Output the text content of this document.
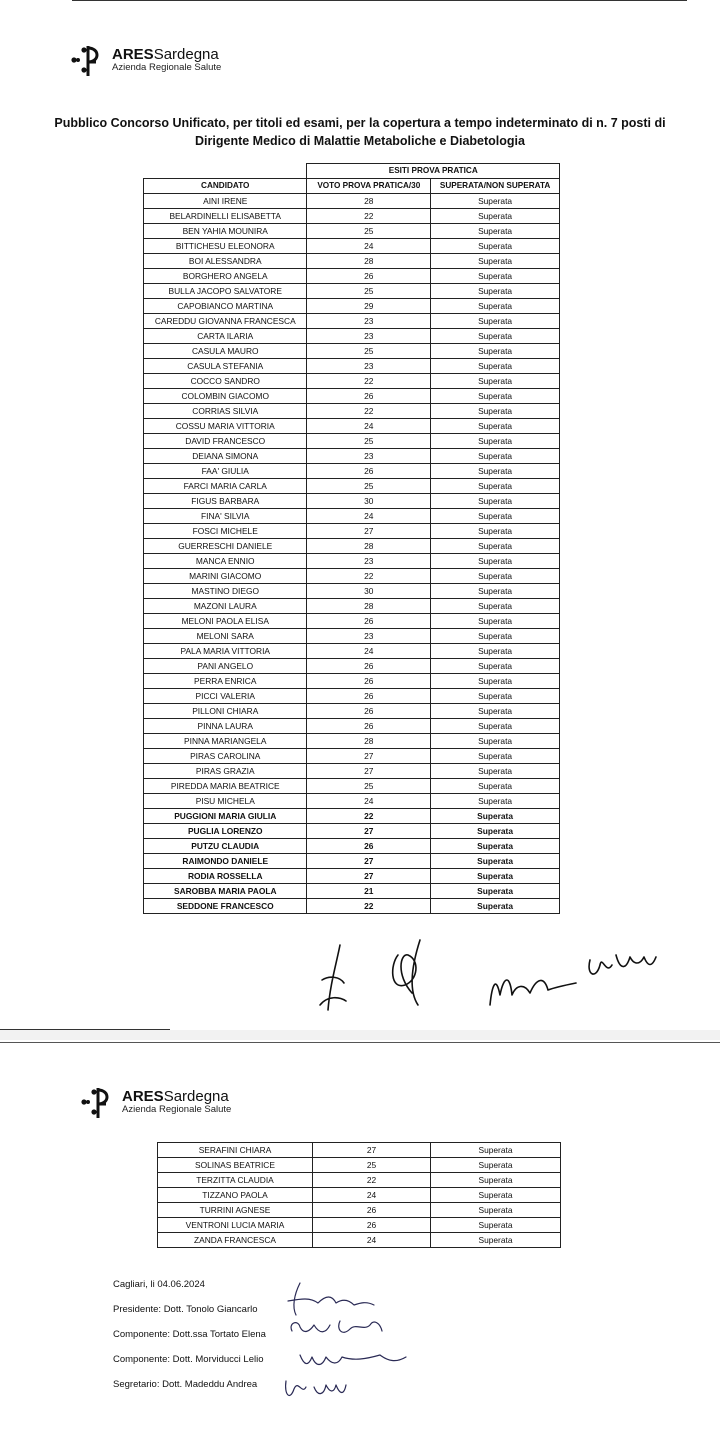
ARESSardegna
Azienda Regionale Salute
Pubblico Concorso Unificato, per titoli ed esami, per la copertura a tempo indeterminato di n. 7 posti di
Dirigente Medico di Malattie Metaboliche e Diabetologia
	ESITI PROVA PRATICA	
CANDIDATO	VOTO PROVA PRATICA/30	SUPERATA/NON SUPERATA
AINI IRENE	28	Superata
BELARDINELLI ELISABETTA	22	Superata
BEN YAHIA MOUNIRA	25	Superata
BITTICHESU ELEONORA	24	Superata
BOI ALESSANDRA	28	Superata
BORGHERO ANGELA	26	Superata
BULLA JACOPO SALVATORE	25	Superata
CAPOBIANCO MARTINA	29	Superata
CAREDDU GIOVANNA FRANCESCA	23	Superata
CARTA ILARIA	23	Superata
CASULA MAURO	25	Superata
CASULA STEFANIA	23	Superata
COCCO SANDRO	22	Superata
COLOMBIN GIACOMO	26	Superata
CORRIAS SILVIA	22	Superata
COSSU MARIA VITTORIA	24	Superata
DAVID FRANCESCO	25	Superata
DEIANA SIMONA	23	Superata
FAA' GIULIA	26	Superata
FARCI MARIA CARLA	25	Superata
FIGUS BARBARA	30	Superata
FINA' SILVIA	24	Superata
FOSCI MICHELE	27	Superata
GUERRESCHI DANIELE	28	Superata
MANCA ENNIO	23	Superata
MARINI GIACOMO	22	Superata
MASTINO DIEGO	30	Superata
MAZONI LAURA	28	Superata
MELONI PAOLA ELISA	26	Superata
MELONI SARA	23	Superata
PALA MARIA VITTORIA	24	Superata
PANI ANGELO	26	Superata
PERRA ENRICA	26	Superata
PICCI VALERIA	26	Superata
PILLONI CHIARA	26	Superata
PINNA LAURA	26	Superata
PINNA MARIANGELA	28	Superata
PIRAS CAROLINA	27	Superata
PIRAS GRAZIA	27	Superata
PIREDDA MARIA BEATRICE	25	Superata
PISU MICHELA	24	Superata
PUGGIONI MARIA GIULIA	22	Superata
PUGLIA LORENZO	27	Superata
PUTZU CLAUDIA	26	Superata
RAIMONDO DANIELE	27	Superata
RODIA ROSSELLA	27	Superata
SAROBBA MARIA PAOLA	21	Superata
SEDDONE FRANCESCO	22	Superata
ARESSardegna
Azienda Regionale Salute
SERAFINI CHIARA	27	Superata
SOLINAS BEATRICE	25	Superata
TERZITTA CLAUDIA	22	Superata
TIZZANO PAOLA	24	Superata
TURRINI AGNESE	26	Superata
VENTRONI LUCIA MARIA	26	Superata
ZANDA FRANCESCA	24	Superata
Cagliari, li 04.06.2024
Presidente: Dott. Tonolo Giancarlo
Componente: Dott.ssa Tortato Elena
Componente: Dott. Morviducci Lelio
Segretario: Dott. Madeddu Andrea
